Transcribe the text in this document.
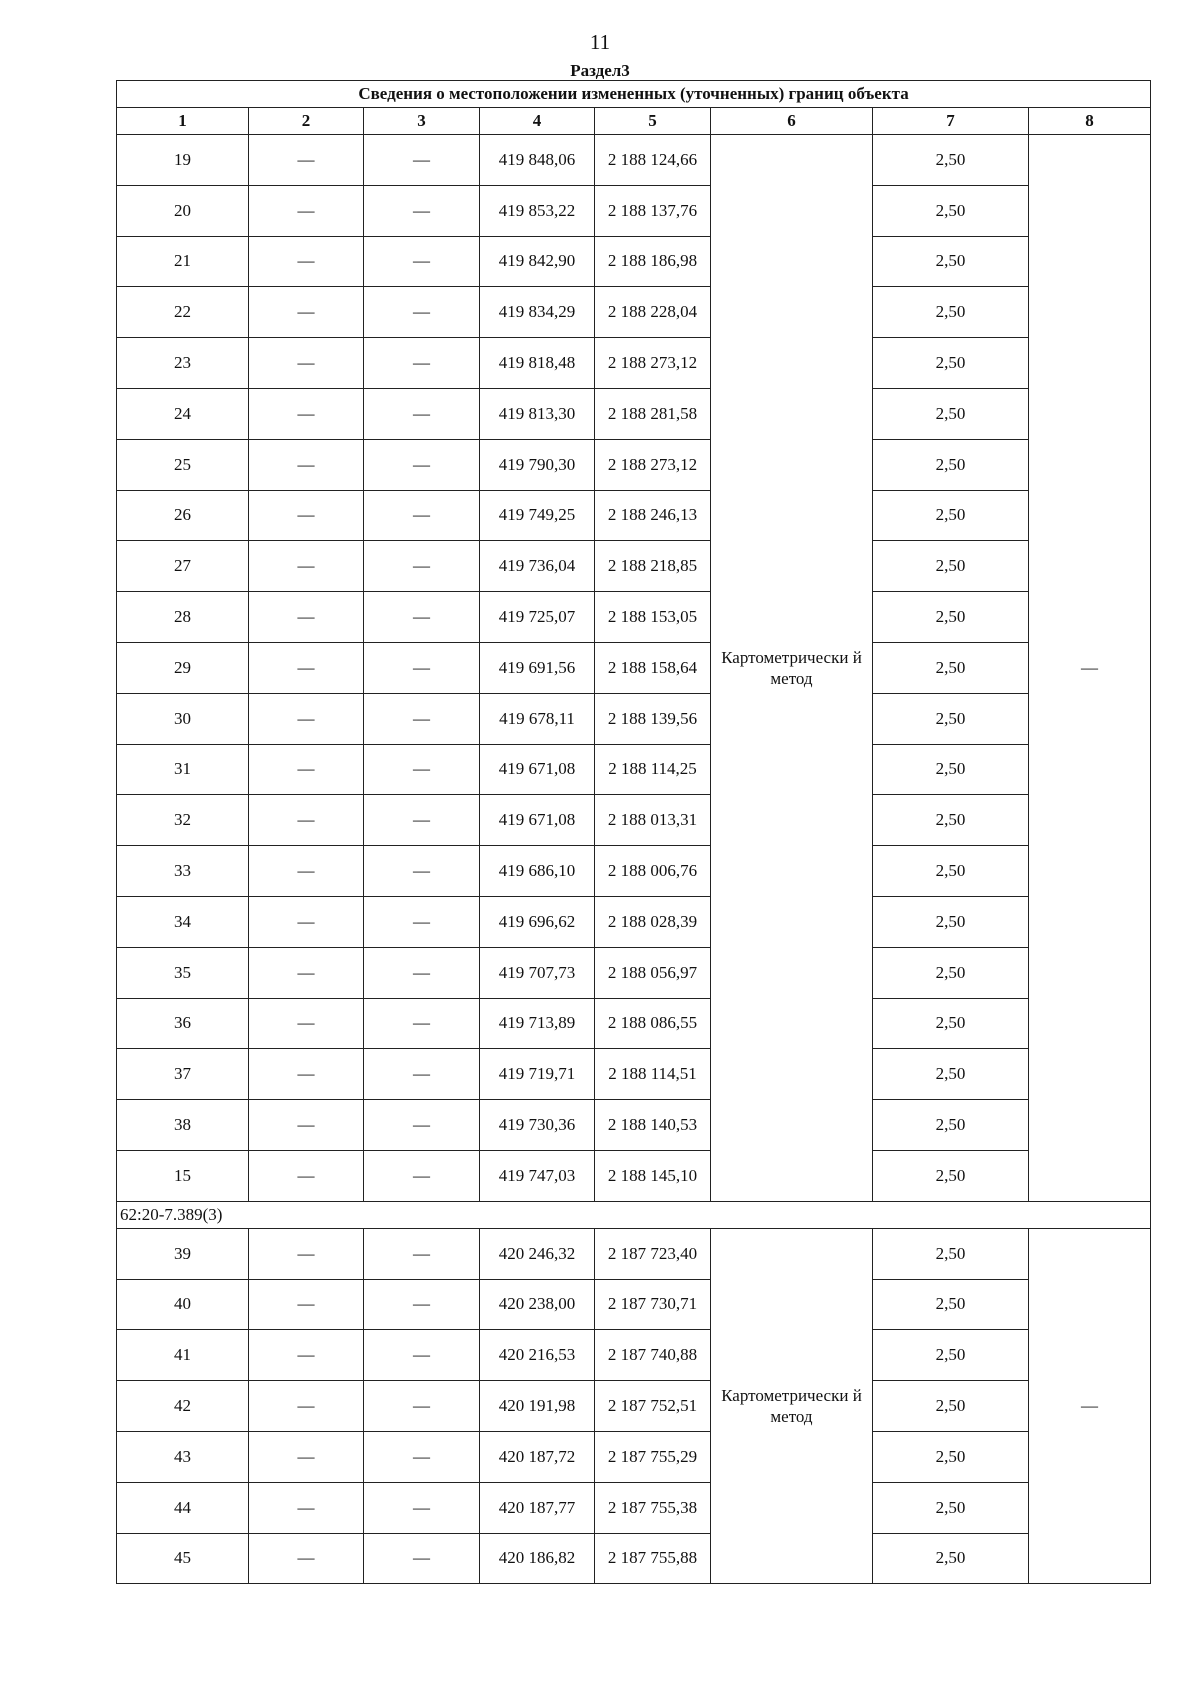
11
Раздел3
Сведения о местоположении измененных (уточненных) границ объекта							
1	2	3	4	5	6	7	8
19	—	—	419 848,06	2 188 124,66	Картометрически й метод	2,50	—
20	—	—	419 853,22	2 188 137,76		2,50	
21	—	—	419 842,90	2 188 186,98		2,50	
22	—	—	419 834,29	2 188 228,04		2,50	
23	—	—	419 818,48	2 188 273,12		2,50	
24	—	—	419 813,30	2 188 281,58		2,50	
25	—	—	419 790,30	2 188 273,12		2,50	
26	—	—	419 749,25	2 188 246,13		2,50	
27	—	—	419 736,04	2 188 218,85		2,50	
28	—	—	419 725,07	2 188 153,05		2,50	
29	—	—	419 691,56	2 188 158,64		2,50	
30	—	—	419 678,11	2 188 139,56		2,50	
31	—	—	419 671,08	2 188 114,25		2,50	
32	—	—	419 671,08	2 188 013,31		2,50	
33	—	—	419 686,10	2 188 006,76		2,50	
34	—	—	419 696,62	2 188 028,39		2,50	
35	—	—	419 707,73	2 188 056,97		2,50	
36	—	—	419 713,89	2 188 086,55		2,50	
37	—	—	419 719,71	2 188 114,51		2,50	
38	—	—	419 730,36	2 188 140,53		2,50	
15	—	—	419 747,03	2 188 145,10		2,50	
62:20-7.389(3)							
39	—	—	420 246,32	2 187 723,40	Картометрически й метод	2,50	—
40	—	—	420 238,00	2 187 730,71		2,50	
41	—	—	420 216,53	2 187 740,88		2,50	
42	—	—	420 191,98	2 187 752,51		2,50	
43	—	—	420 187,72	2 187 755,29		2,50	
44	—	—	420 187,77	2 187 755,38		2,50	
45	—	—	420 186,82	2 187 755,88		2,50	
